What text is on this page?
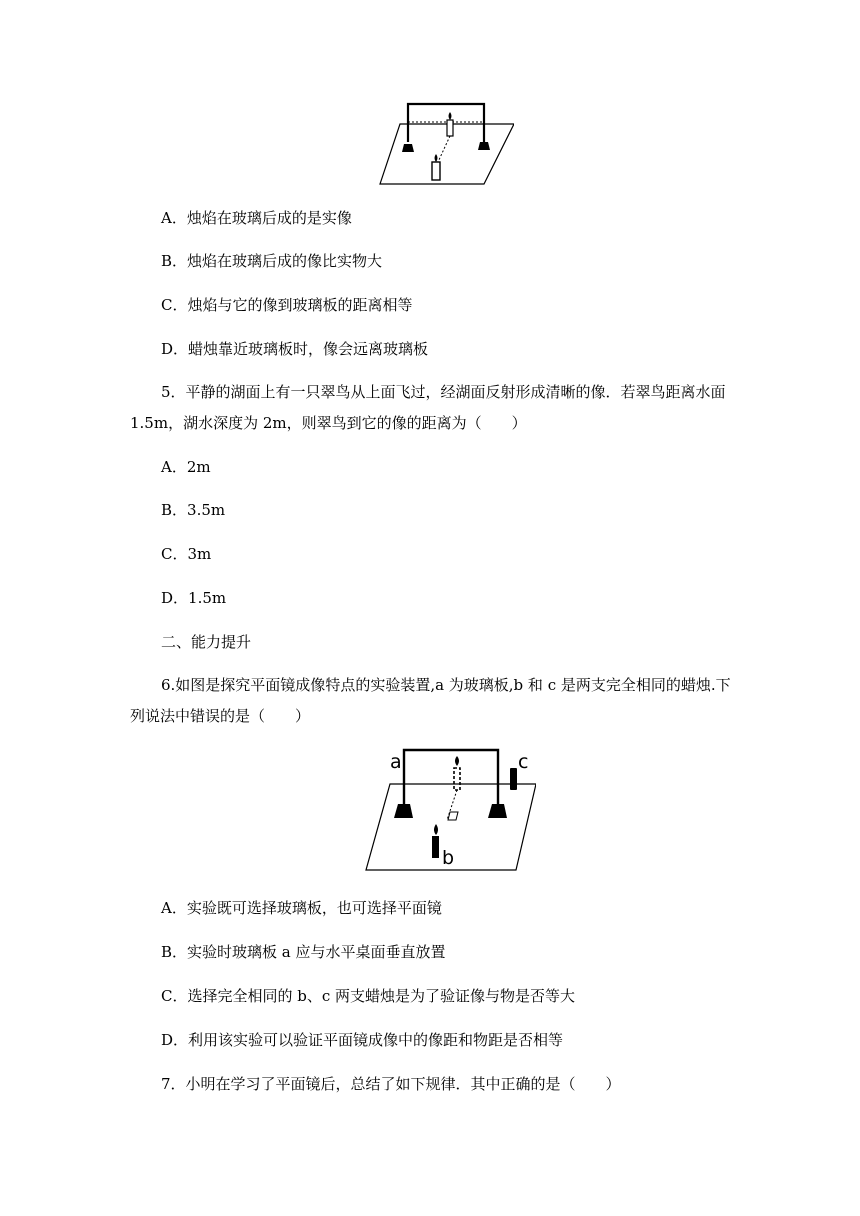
A．烛焰在玻璃后成的是实像
B．烛焰在玻璃后成的像比实物大
C．烛焰与它的像到玻璃板的距离相等
D．蜡烛靠近玻璃板时，像会远离玻璃板
5．平静的湖面上有一只翠鸟从上面飞过，经湖面反射形成清晰的像．若翠鸟距离水面
1.5m，湖水深度为 2m，则翠鸟到它的像的距离为（　　）
A．2m
B．3.5m
C．3m
D．1.5m
二、能力提升
6.如图是探究平面镜成像特点的实验装置,a 为玻璃板,b 和 c 是两支完全相同的蜡烛.下
列说法中错误的是（　　）
a
b
c
A．实验既可选择玻璃板，也可选择平面镜
B．实验时玻璃板 a 应与水平桌面垂直放置
C．选择完全相同的 b、c 两支蜡烛是为了验证像与物是否等大
D．利用该实验可以验证平面镜成像中的像距和物距是否相等
7．小明在学习了平面镜后，总结了如下规律．其中正确的是（　　）
